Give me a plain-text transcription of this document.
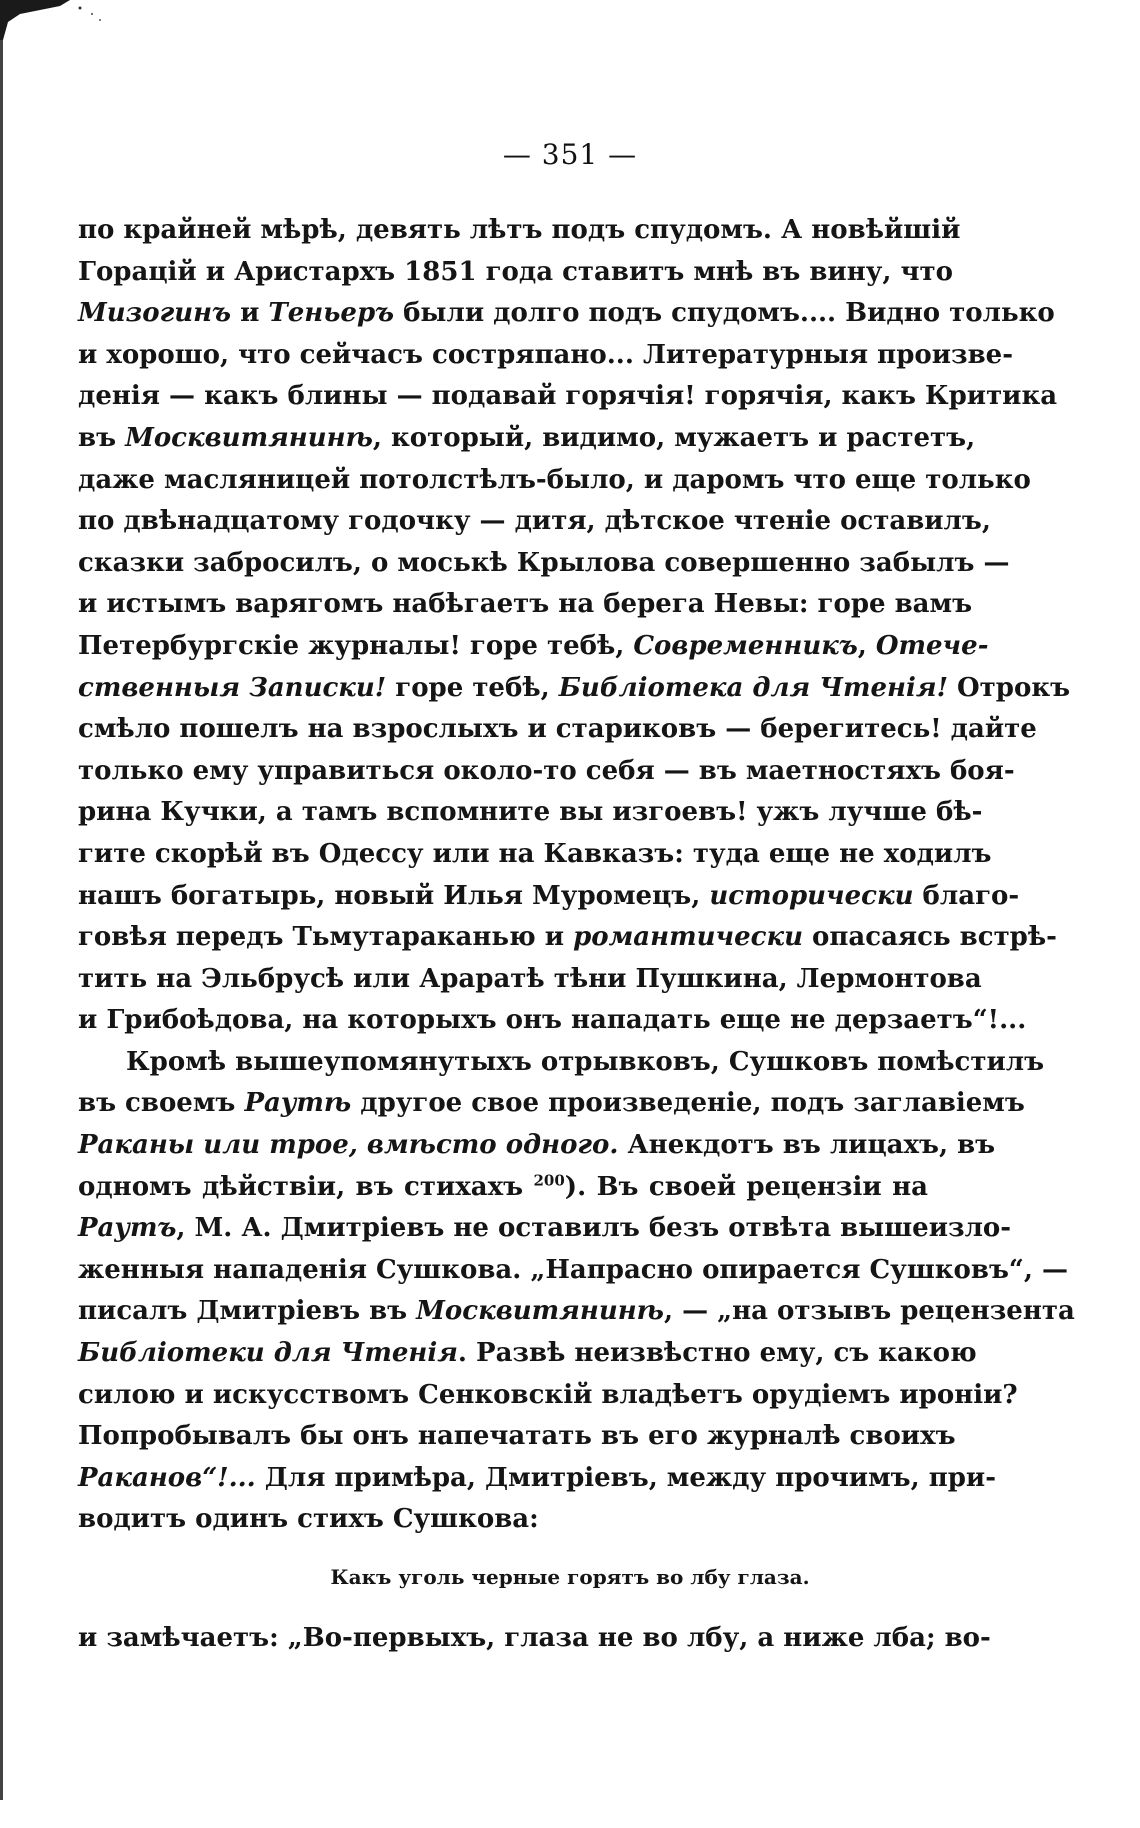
— 351 —
по крайней мѣрѣ, девять лѣтъ подъ спудомъ. А новѣйшій
Горацій и Аристархъ 1851 года ставитъ мнѣ въ вину, что
Мизогинъ и Теньеръ были долго подъ спудомъ.... Видно только
и хорошо, что сейчасъ состряпано... Литературныя произве-
денія — какъ блины — подавай горячія! горячія, какъ Критика
въ Москвитянинѣ, который, видимо, мужаетъ и растетъ,
даже масляницей потолстѣлъ-было, и даромъ что еще только
по двѣнадцатому годочку — дитя, дѣтское чтеніе оставилъ,
сказки забросилъ, о моськѣ Крылова совершенно забылъ —
и истымъ варягомъ набѣгаетъ на берега Невы: горе вамъ
Петербургскіе журналы! горе тебѣ, Современникъ, Отече-
ственныя Записки! горе тебѣ, Библіотека для Чтенія! Отрокъ
смѣло пошелъ на взрослыхъ и стариковъ — берегитесь! дайте
только ему управиться около-то себя — въ маетностяхъ боя-
рина Кучки, а тамъ вспомните вы изгоевъ! ужъ лучше бѣ-
гите скорѣй въ Одессу или на Кавказъ: туда еще не ходилъ
нашъ богатырь, новый Илья Муромецъ, исторически благо-
говѣя передъ Тьмутараканью и романтически опасаясь встрѣ-
тить на Эльбрусѣ или Араратѣ тѣни Пушкина, Лермонтова
и Грибоѣдова, на которыхъ онъ нападать еще не дерзаетъ“!...
Кромѣ вышеупомянутыхъ отрывковъ, Сушковъ помѣстилъ
въ своемъ Раутѣ другое свое произведеніе, подъ заглавіемъ
Раканы или трое, вмѣсто одного. Анекдотъ въ лицахъ, въ
одномъ дѣйствіи, въ стихахъ $^{200}$). Въ своей рецензіи на
Раутъ, М. А. Дмитріевъ не оставилъ безъ отвѣта вышеизло-
женныя нападенія Сушкова. „Напрасно опирается Сушковъ“, —
писалъ Дмитріевъ въ Москвитянинѣ, — „на отзывъ рецензента
Библіотеки для Чтенія. Развѣ неизвѣстно ему, съ какою
силою и искусствомъ Сенковскій владѣетъ орудіемъ ироніи?
Попробывалъ бы онъ напечатать въ его журналѣ своихъ
Раканов“!... Для примѣра, Дмитріевъ, между прочимъ, при-
водитъ одинъ стихъ Сушкова:
Какъ уголь черные горятъ во лбу глаза.
и замѣчаетъ: „Во-первыхъ, глаза не во лбу, а ниже лба; во-
